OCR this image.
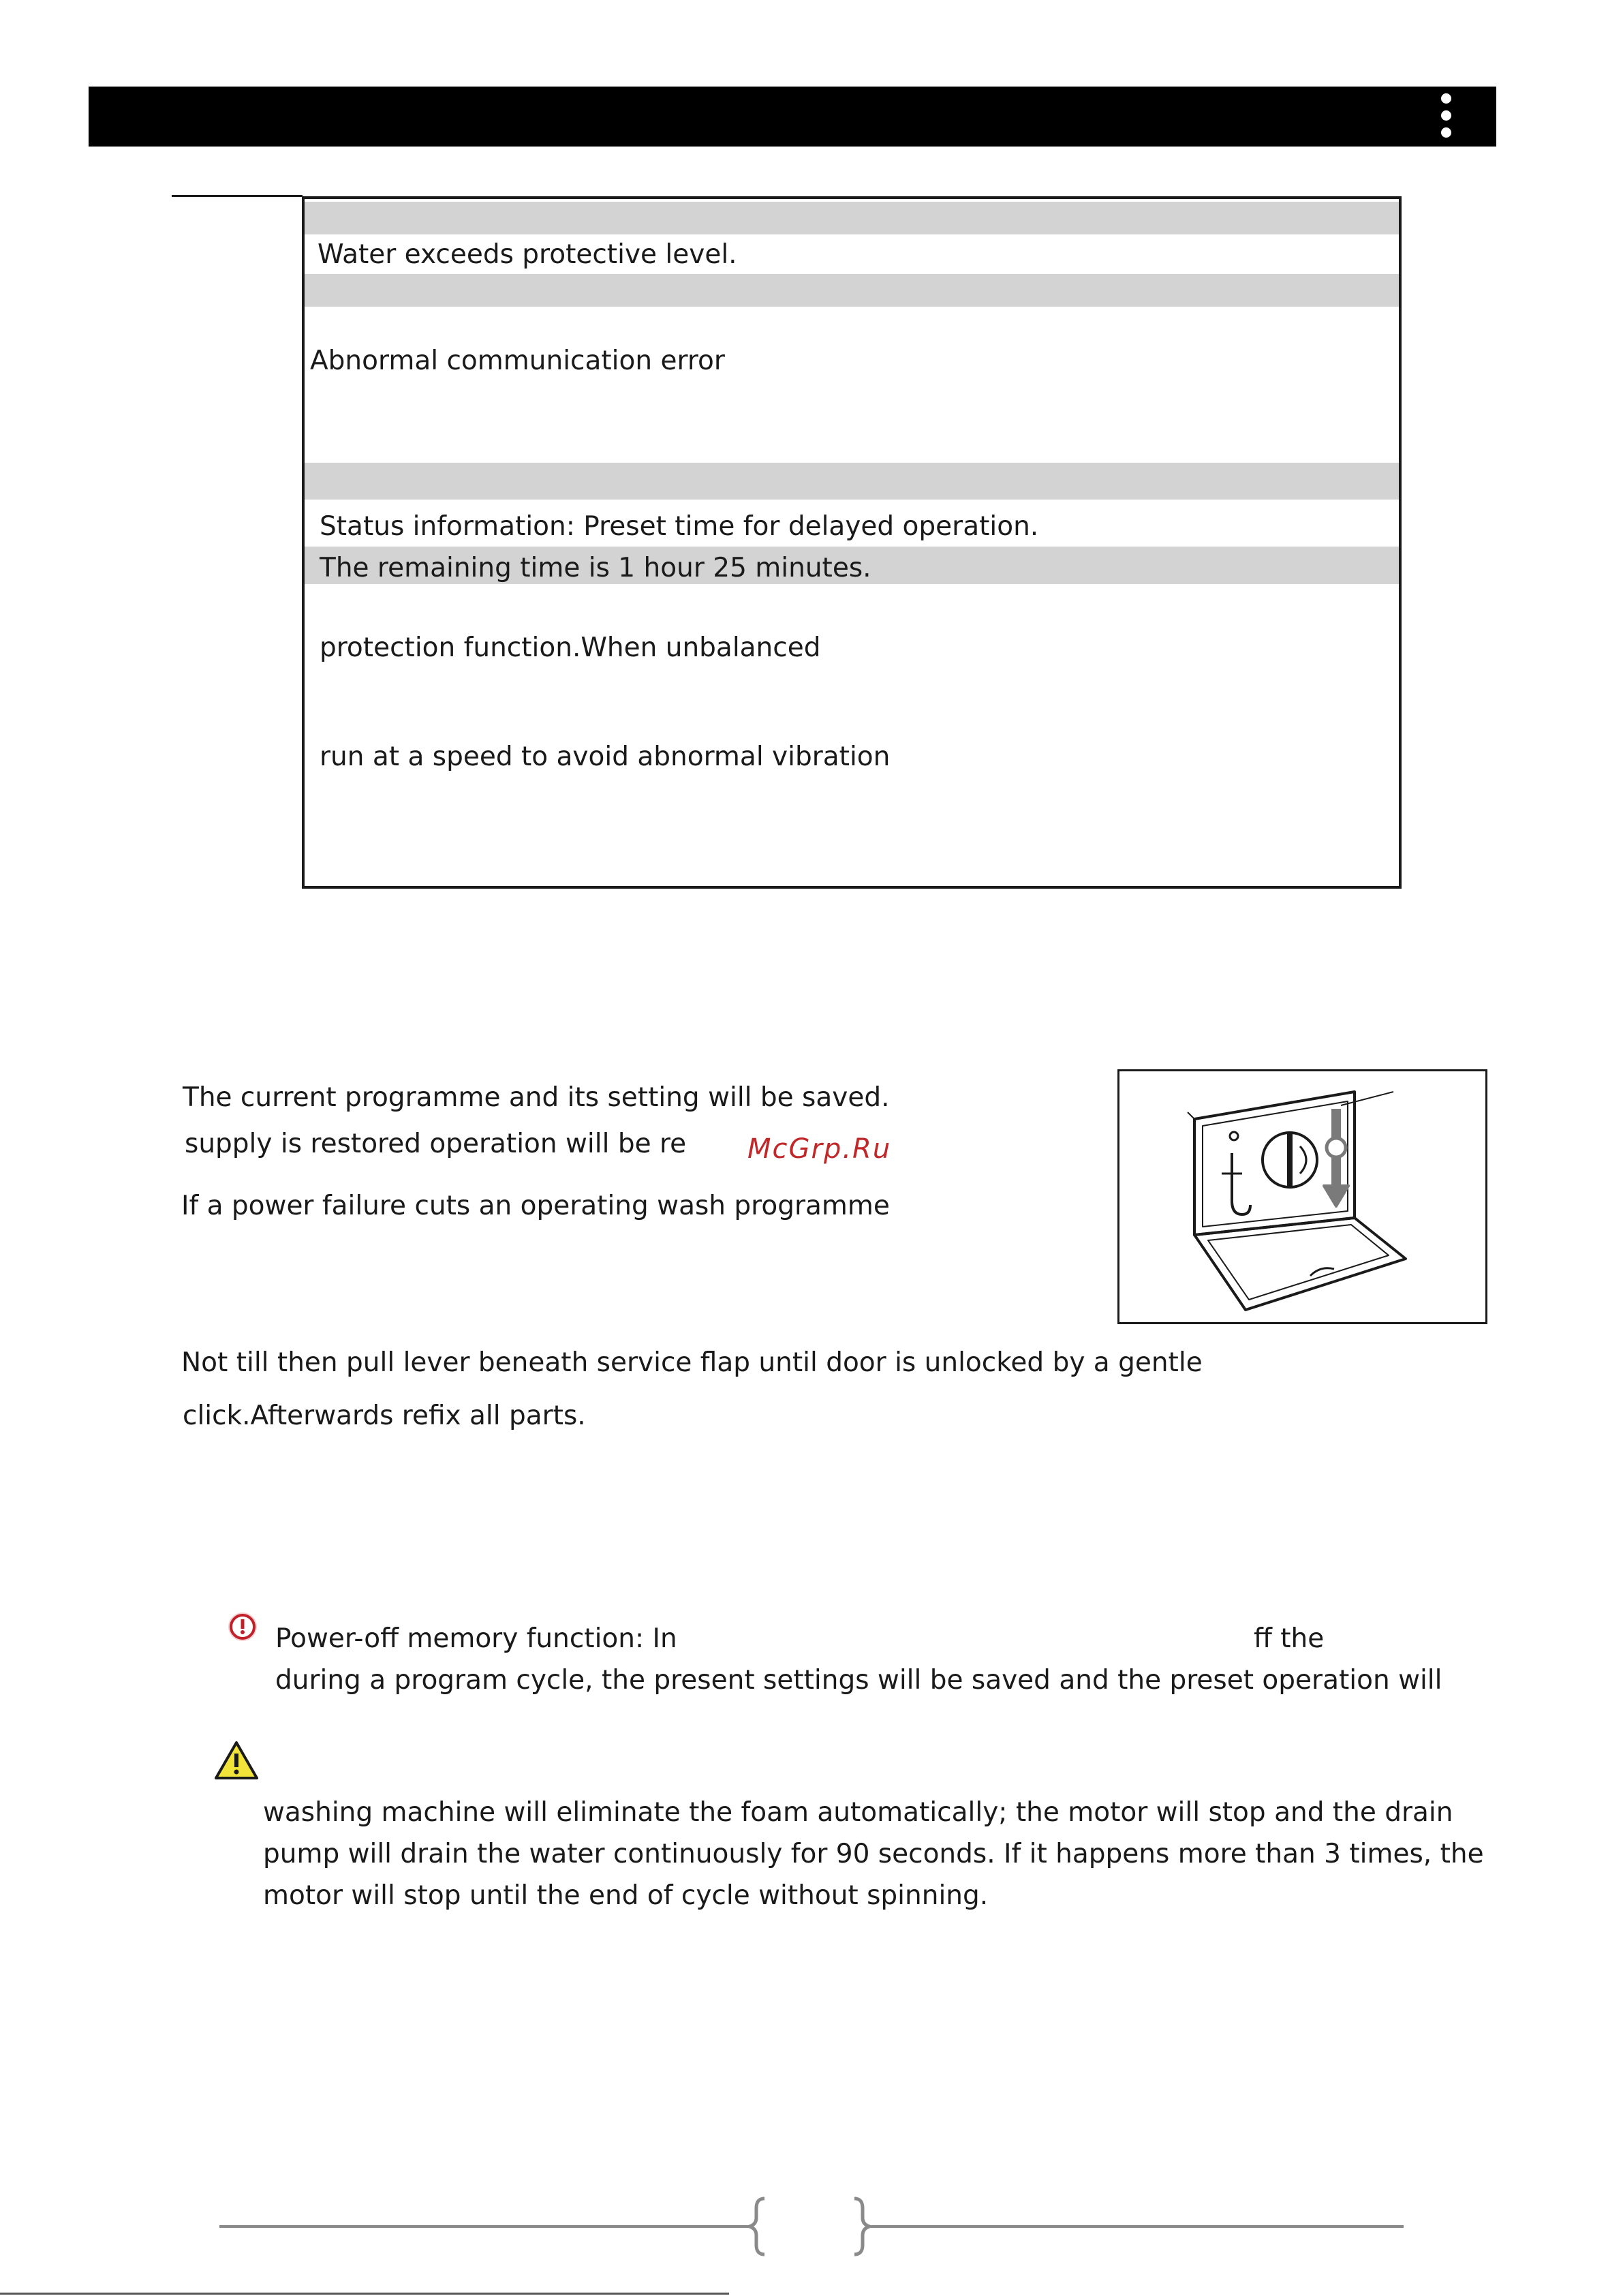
Water exceeds protective level.
Abnormal communication error
Status information: Preset time for delayed operation.
The remaining time is 1 hour 25 minutes.
protection function.When unbalanced
run at a speed to avoid abnormal vibration
The current programme and its setting will be saved.
supply is restored operation will be re McGrp.Ru
If a power failure cuts an operating wash programme
Not till then pull lever beneath service flap until door is unlocked by a gentle
click.Afterwards refix all parts.
Power-off memory function: In	ff the
during a program cycle, the present settings will be saved and the preset operation will
washing machine will eliminate the foam automatically; the motor will stop and the drain
pump will drain the water continuously for 90 seconds. If it happens more than 3 times, the
motor will stop until the end of cycle without spinning.
